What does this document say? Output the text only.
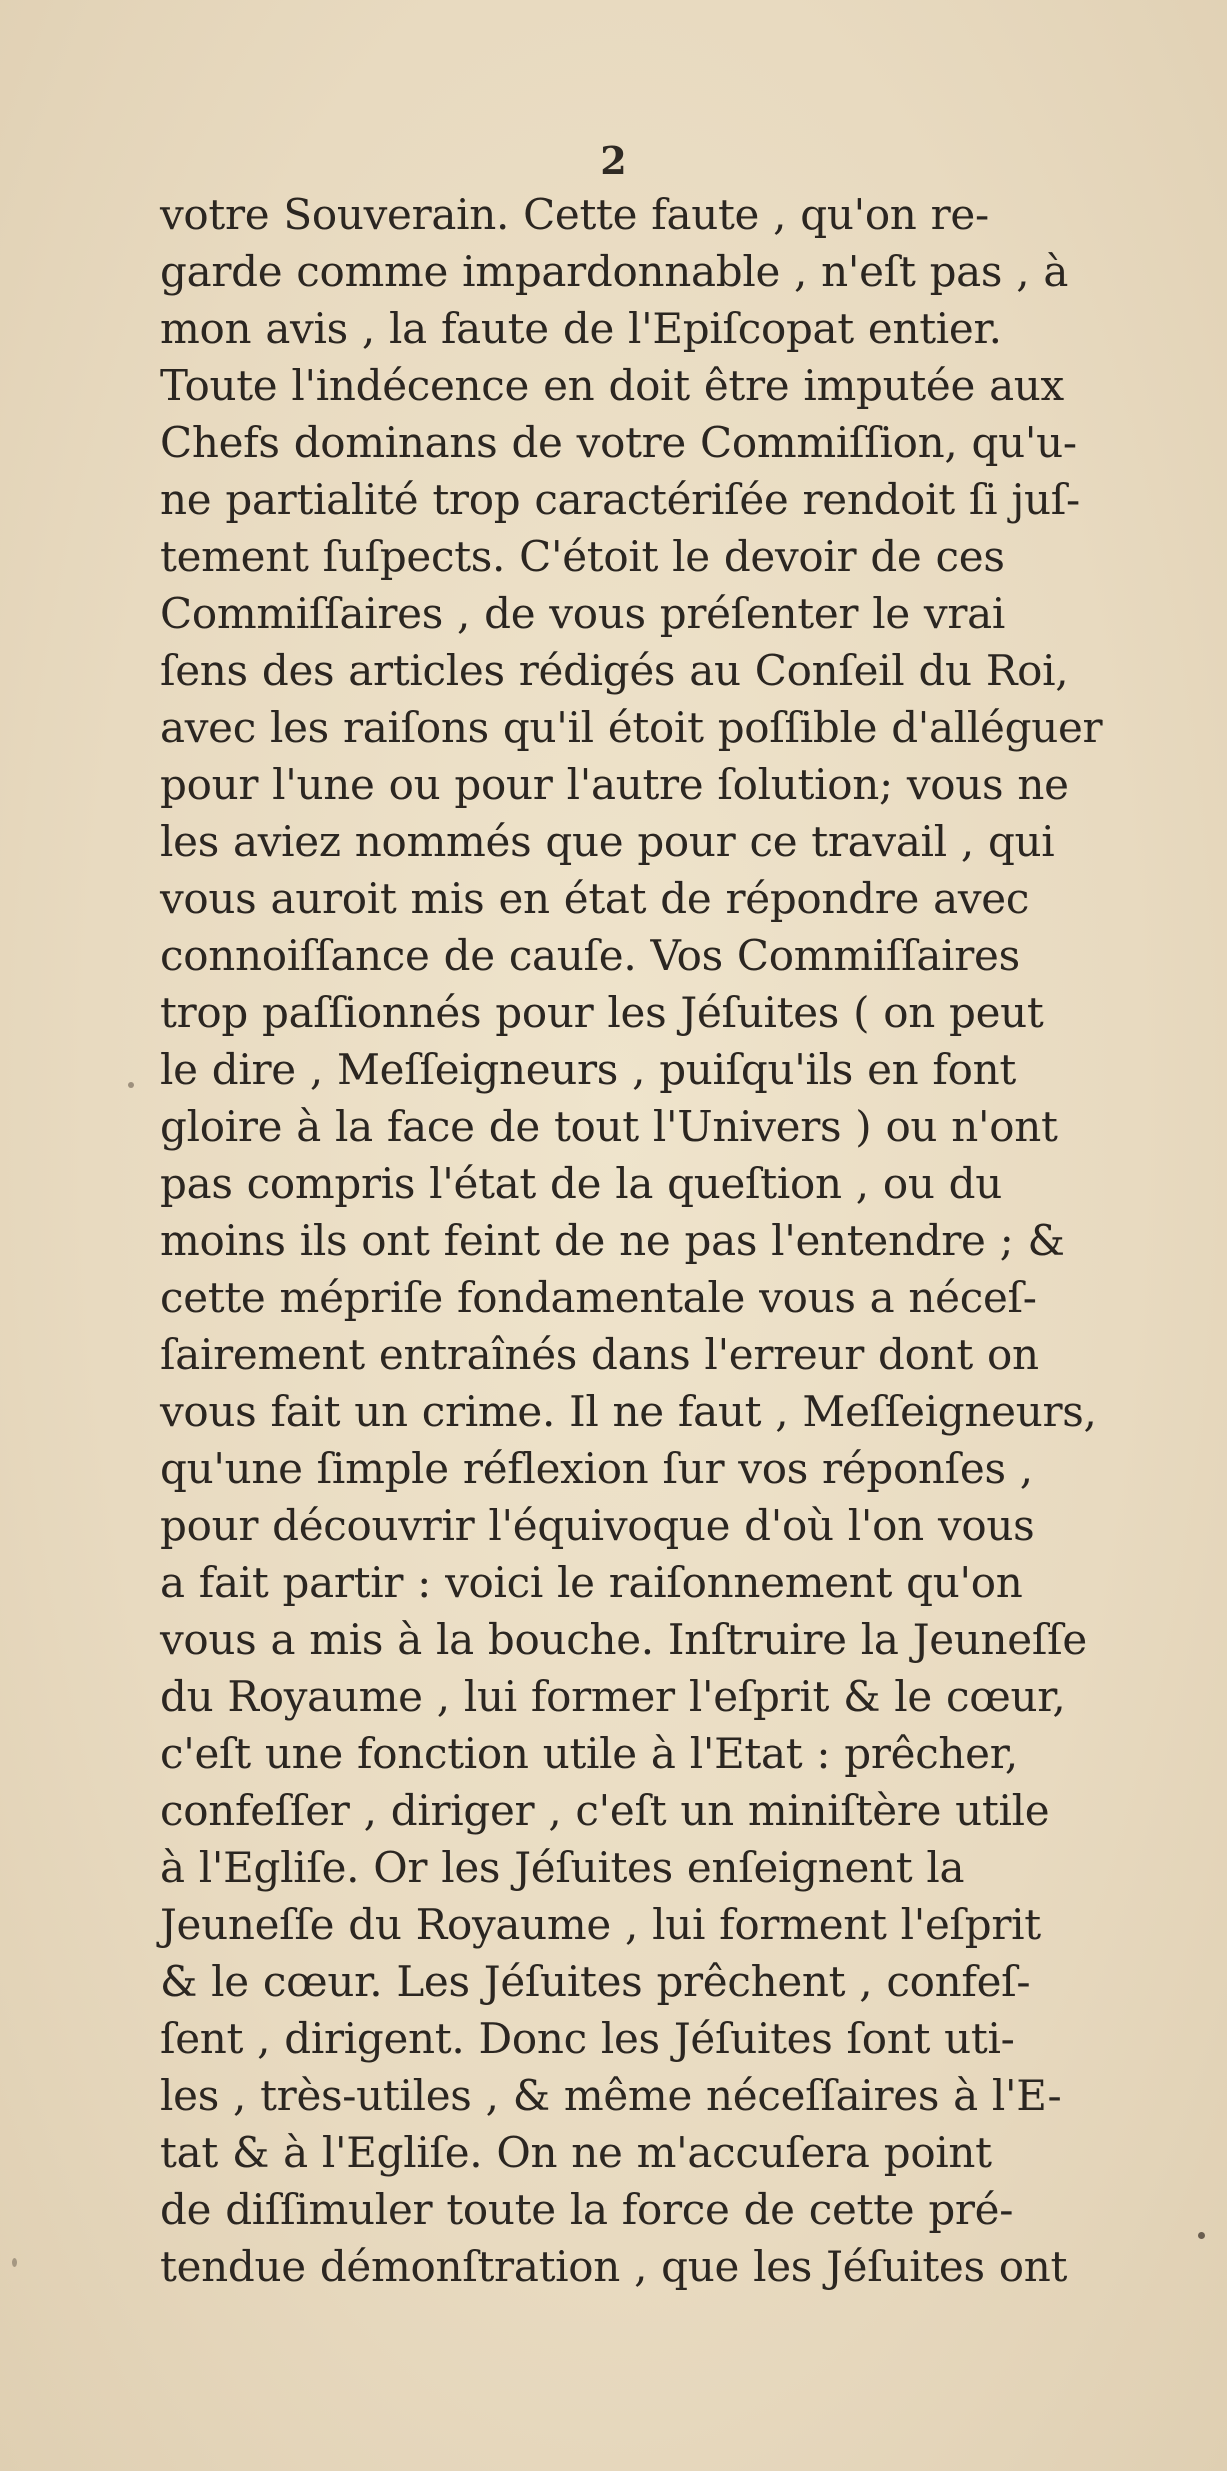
2
votre Souverain. Cette faute , qu'on re-
garde comme impardonnable , n'eſt pas , à
mon avis , la faute de l'Epiſcopat entier.
Toute l'indécence en doit être imputée aux
Chefs dominans de votre Commiſſion, qu'u-
ne partialité trop caractériſée rendoit ſi juſ-
tement ſuſpects. C'étoit le devoir de ces
Commiſſaires , de vous préſenter le vrai
ſens des articles rédigés au Conſeil du Roi,
avec les raiſons qu'il étoit poſſible d'alléguer
pour l'une ou pour l'autre ſolution; vous ne
les aviez nommés que pour ce travail , qui
vous auroit mis en état de répondre avec
connoiſſance de cauſe. Vos Commiſſaires
trop paſſionnés pour les Jéſuites ( on peut
le dire , Meſſeigneurs , puiſqu'ils en font
gloire à la face de tout l'Univers ) ou n'ont
pas compris l'état de la queſtion , ou du
moins ils ont feint de ne pas l'entendre ; &
cette mépriſe fondamentale vous a néceſ-
ſairement entraînés dans l'erreur dont on
vous fait un crime. Il ne faut , Meſſeigneurs,
qu'une ſimple réflexion ſur vos réponſes ,
pour découvrir l'équivoque d'où l'on vous
a fait partir : voici le raiſonnement qu'on
vous a mis à la bouche. Inſtruire la Jeuneſſe
du Royaume , lui former l'eſprit & le cœur,
c'eſt une fonction utile à l'Etat : prêcher,
confeſſer , diriger , c'eſt un miniſtère utile
à l'Egliſe. Or les Jéſuites enſeignent la
Jeuneſſe du Royaume , lui forment l'eſprit
& le cœur. Les Jéſuites prêchent , confeſ-
ſent , dirigent. Donc les Jéſuites ſont uti-
les , très-utiles , & même néceſſaires à l'E-
tat & à l'Egliſe. On ne m'accuſera point
de diſſimuler toute la force de cette pré-
tendue démonſtration , que les Jéſuites ont
